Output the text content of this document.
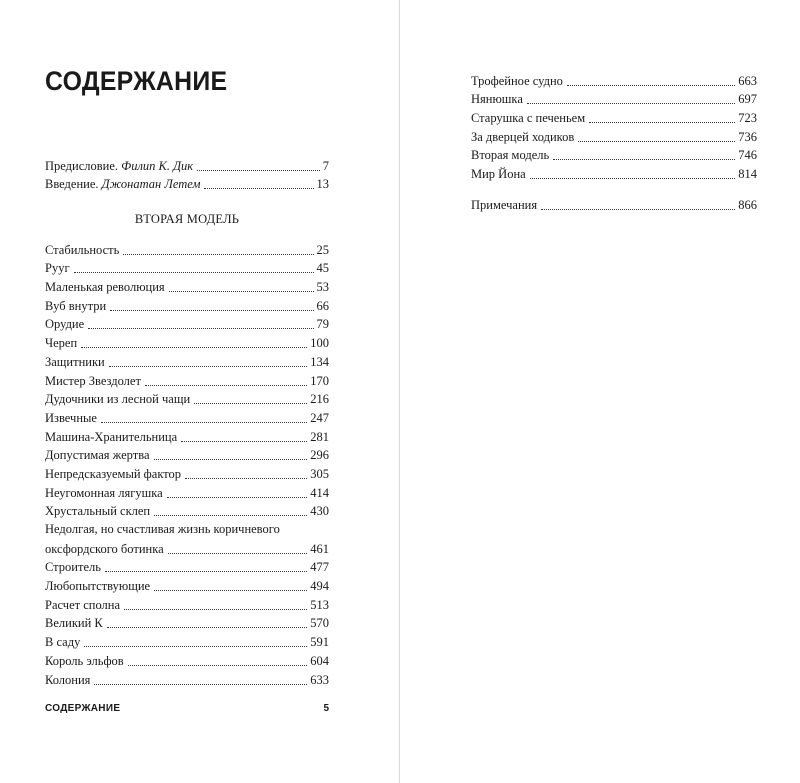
СОДЕРЖАНИЕ
Предисловие. Филип К. Дик	7
Введение. Джонатан Летем	13
ВТОРАЯ МОДЕЛЬ
Стабильность	25
Рууг	45
Маленькая революция	53
Вуб внутри	66
Орудие	79
Череп	100
Защитники	134
Мистер Звездолет	170
Дудочники из лесной чащи	216
Извечные	247
Машина-Хранительница	281
Допустимая жертва	296
Непредсказуемый фактор	305
Неугомонная лягушка	414
Хрустальный склеп	430
Недолгая, но счастливая жизнь коричневого
оксфордского ботинка	461
Строитель	477
Любопытствующие	494
Расчет сполна	513
Великий К	570
В саду	591
Король эльфов	604
Колония	633
Трофейное судно	663
Нянюшка	697
Старушка с печеньем	723
За дверцей ходиков	736
Вторая модель	746
Мир Йона	814
Примечания	866
СОДЕРЖАНИЕ	5
